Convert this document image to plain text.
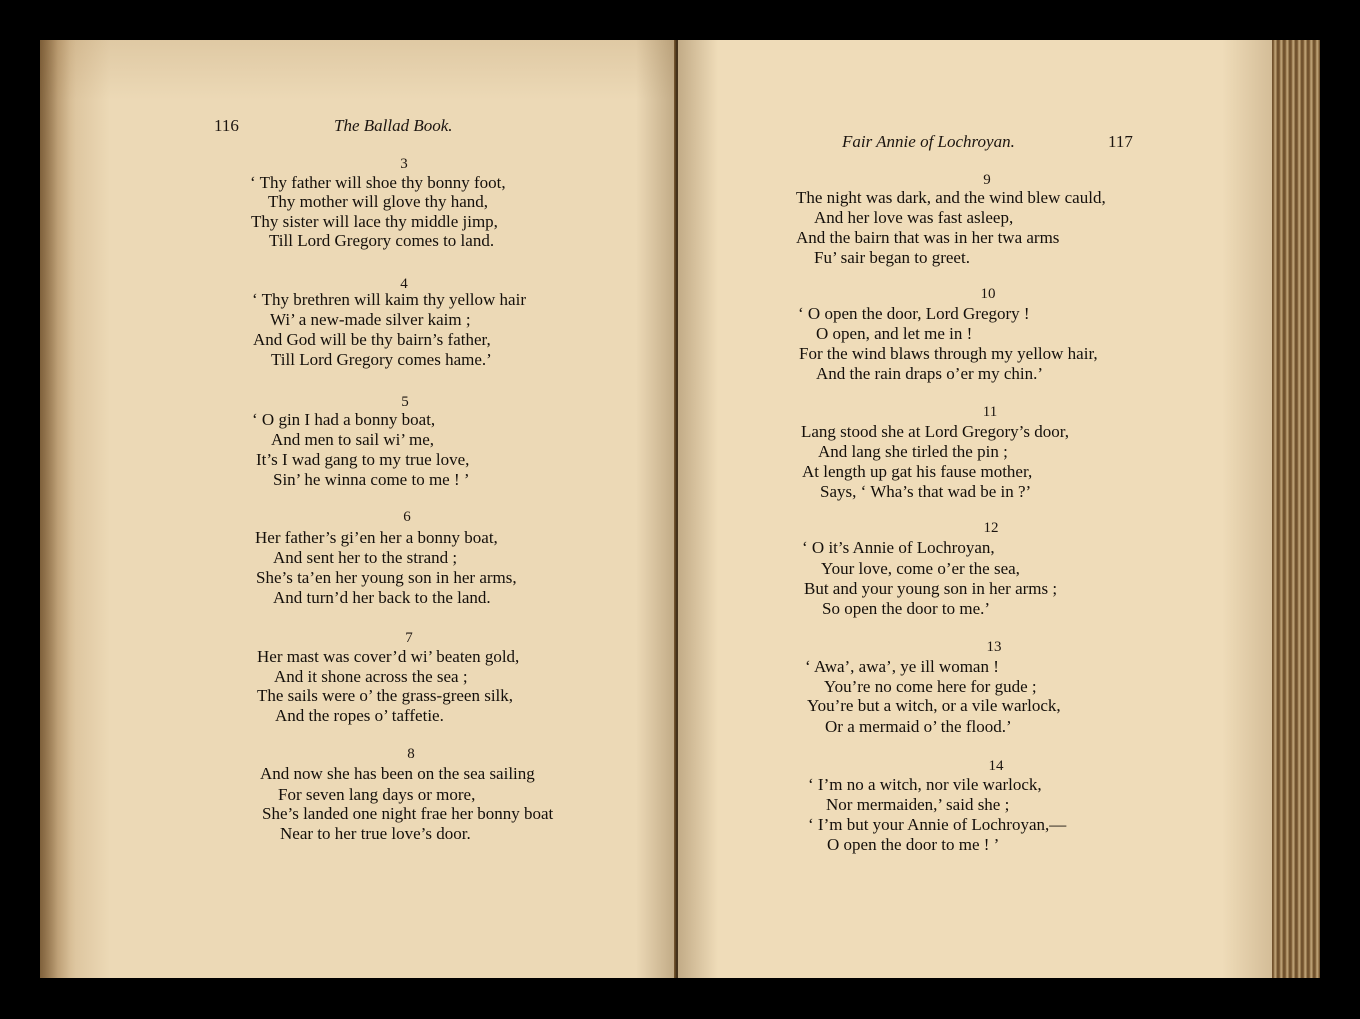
116	The Ballad Book.
3
‘ Thy father will shoe thy bonny foot,
Thy mother will glove thy hand,
Thy sister will lace thy middle jimp,
Till Lord Gregory comes to land.
4
‘ Thy brethren will kaim thy yellow hair
Wi’ a new-made silver kaim ;
And God will be thy bairn’s father,
Till Lord Gregory comes hame.’
5
‘ O gin I had a bonny boat,
And men to sail wi’ me,
It’s I wad gang to my true love,
Sin’ he winna come to me ! ’
6
Her father’s gi’en her a bonny boat,
And sent her to the strand ;
She’s ta’en her young son in her arms,
And turn’d her back to the land.
7
Her mast was cover’d wi’ beaten gold,
And it shone across the sea ;
The sails were o’ the grass-green silk,
And the ropes o’ taffetie.
8
And now she has been on the sea sailing
For seven lang days or more,
She’s landed one night frae her bonny boat
Near to her true love’s door.
Fair Annie of Lochroyan.	117
9
The night was dark, and the wind blew cauld,
And her love was fast asleep,
And the bairn that was in her twa arms
Fu’ sair began to greet.
10
‘ O open the door, Lord Gregory !
O open, and let me in !
For the wind blaws through my yellow hair,
And the rain draps o’er my chin.’
11
Lang stood she at Lord Gregory’s door,
And lang she tirled the pin ;
At length up gat his fause mother,
Says, ‘ Wha’s that wad be in ?’
12
‘ O it’s Annie of Lochroyan,
Your love, come o’er the sea,
But and your young son in her arms ;
So open the door to me.’
13
‘ Awa’, awa’, ye ill woman !
You’re no come here for gude ;
You’re but a witch, or a vile warlock,
Or a mermaid o’ the flood.’
14
‘ I’m no a witch, nor vile warlock,
Nor mermaiden,’ said she ;
‘ I’m but your Annie of Lochroyan,—
O open the door to me ! ’
